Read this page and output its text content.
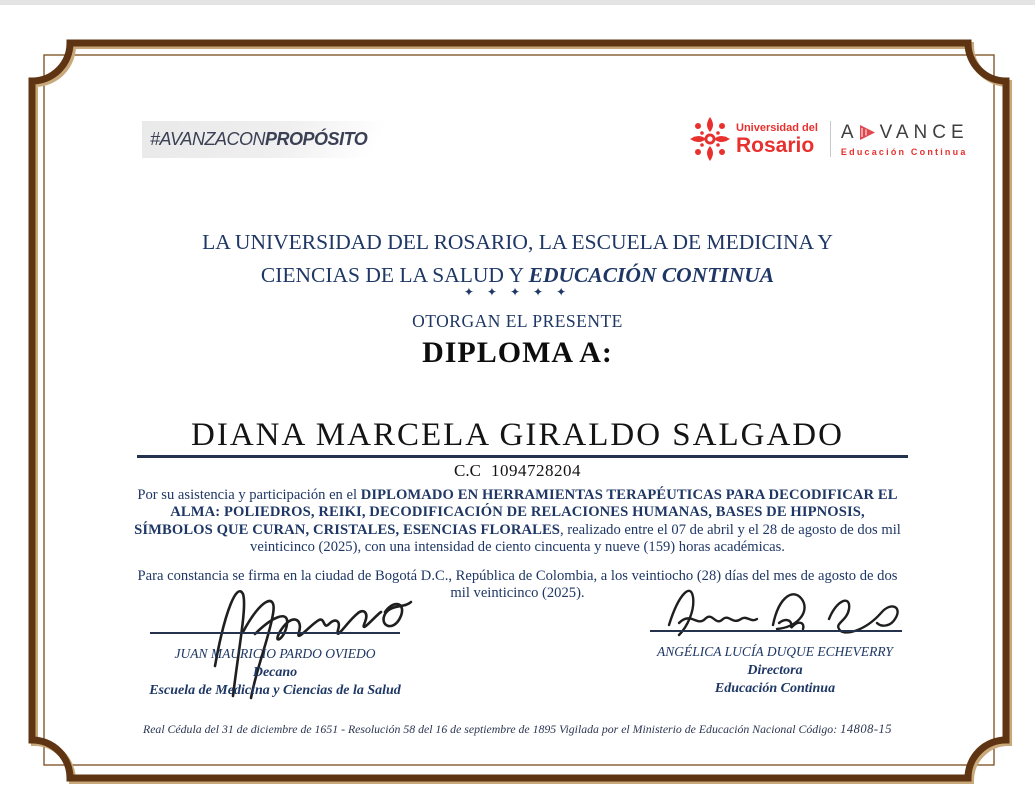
#AVANZACON PROPÓSITO
Universidad del
Rosario
A VANCE
Educación Continua
LA UNIVERSIDAD DEL ROSARIO, LA ESCUELA DE MEDICINA Y
CIENCIAS DE LA SALUD Y EDUCACIÓN CONTINUA
✦ ✦ ✦ ✦ ✦
OTORGAN EL PRESENTE
DIPLOMA A:
DIANA MARCELA GIRALDO SALGADO
C.C 1094728204
Por su asistencia y participación en el DIPLOMADO EN HERRAMIENTAS TERAPÉUTICAS PARA DECODIFICAR EL ALMA: POLIEDROS, REIKI, DECODIFICACIÓN DE RELACIONES HUMANAS, BASES DE HIPNOSIS, SÍMBOLOS QUE CURAN, CRISTALES, ESENCIAS FLORALES, realizado entre el 07 de abril y el 28 de agosto de dos mil veinticinco (2025), con una intensidad de ciento cincuenta y nueve (159) horas académicas.
Para constancia se firma en la ciudad de Bogotá D.C., República de Colombia, a los veintiocho (28) días del mes de agosto de dos mil veinticinco (2025).
JUAN MAURICIO PARDO OVIEDO
Decano
Escuela de Medicina y Ciencias de la Salud
ANGÉLICA LUCÍA DUQUE ECHEVERRY
Directora
Educación Continua
Real Cédula del 31 de diciembre de 1651 - Resolución 58 del 16 de septiembre de 1895 Vigilada por el Ministerio de Educación Nacional Código: 14808-15
